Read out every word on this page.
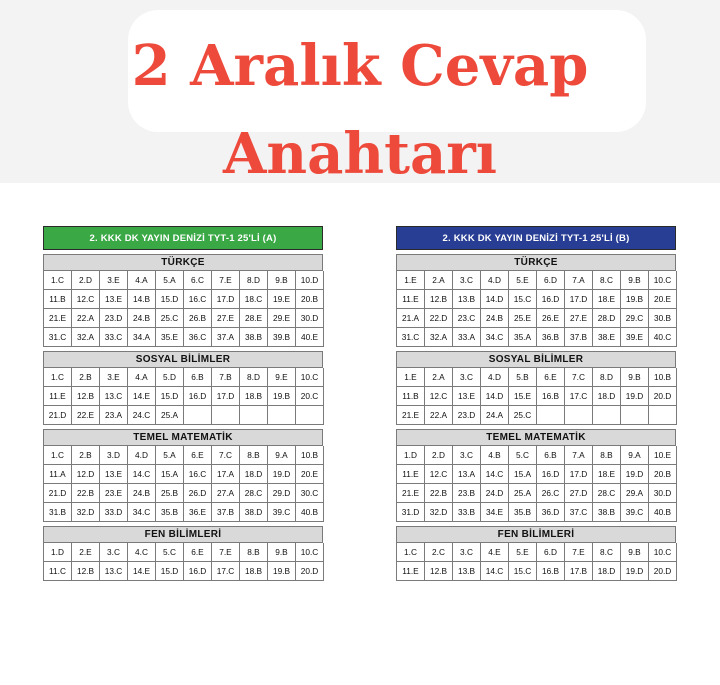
2 Aralık Cevap
Anahtarı
2. KKK DK YAYIN DENİZİ TYT-1 25'Lİ (A)
TÜRKÇE
1.C	2.D	3.E	4.A	5.A	6.C	7.E	8.D	9.B	10.D
11.B	12.C	13.E	14.B	15.D	16.C	17.D	18.C	19.E	20.B
21.E	22.A	23.D	24.B	25.C	26.B	27.E	28.E	29.E	30.D
31.C	32.A	33.C	34.A	35.E	36.C	37.A	38.B	39.B	40.E
SOSYAL BİLİMLER
1.C	2.B	3.E	4.A	5.D	6.B	7.B	8.D	9.E	10.C
11.E	12.B	13.C	14.E	15.D	16.D	17.D	18.B	19.B	20.C
21.D	22.E	23.A	24.C	25.A
TEMEL MATEMATİK
1.C	2.B	3.D	4.D	5.A	6.E	7.C	8.B	9.A	10.B
11.A	12.D	13.E	14.C	15.A	16.C	17.A	18.D	19.D	20.E
21.D	22.B	23.E	24.B	25.B	26.D	27.A	28.C	29.D	30.C
31.B	32.D	33.D	34.C	35.B	36.E	37.B	38.D	39.C	40.B
FEN BİLİMLERİ
1.D	2.E	3.C	4.C	5.C	6.E	7.E	8.B	9.B	10.C
11.C	12.B	13.C	14.E	15.D	16.D	17.C	18.B	19.B	20.D
2. KKK DK YAYIN DENİZİ TYT-1 25'Lİ (B)
TÜRKÇE
1.E	2.A	3.C	4.D	5.E	6.D	7.A	8.C	9.B	10.C
11.E	12.B	13.B	14.D	15.C	16.D	17.D	18.E	19.B	20.E
21.A	22.D	23.C	24.B	25.E	26.E	27.E	28.D	29.C	30.B
31.C	32.A	33.A	34.C	35.A	36.B	37.B	38.E	39.E	40.C
SOSYAL BİLİMLER
1.E	2.A	3.C	4.D	5.B	6.E	7.C	8.D	9.B	10.B
11.B	12.C	13.E	14.D	15.E	16.B	17.C	18.D	19.D	20.D
21.E	22.A	23.D	24.A	25.C
TEMEL MATEMATİK
1.D	2.D	3.C	4.B	5.C	6.B	7.A	8.B	9.A	10.E
11.E	12.C	13.A	14.C	15.A	16.D	17.D	18.E	19.D	20.B
21.E	22.B	23.B	24.D	25.A	26.C	27.D	28.C	29.A	30.D
31.D	32.D	33.B	34.E	35.B	36.D	37.C	38.B	39.C	40.B
FEN BİLİMLERİ
1.C	2.C	3.C	4.E	5.E	6.D	7.E	8.C	9.B	10.C
11.E	12.B	13.B	14.C	15.C	16.B	17.B	18.D	19.D	20.D
